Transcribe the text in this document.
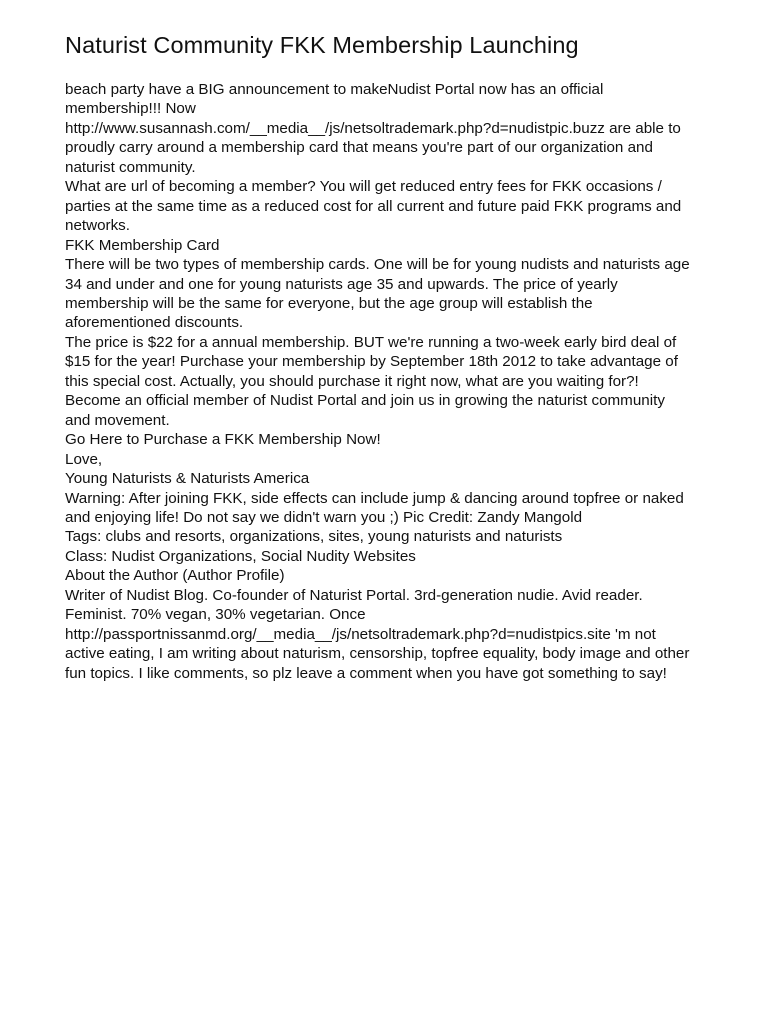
Naturist Community FKK Membership Launching
beach party have a BIG announcement to makeNudist Portal now has an official
membership!!! Now
http://www.susannash.com/__media__/js/netsoltrademark.php?d=nudistpic.buzz are able to
proudly carry around a membership card that means you're part of our organization and
naturist community.
What are url of becoming a member? You will get reduced entry fees for FKK occasions /
parties at the same time as a reduced cost for all current and future paid FKK programs and
networks.
FKK Membership Card
There will be two types of membership cards. One will be for young nudists and naturists age
34 and under and one for young naturists age 35 and upwards. The price of yearly
membership will be the same for everyone, but the age group will establish the
aforementioned discounts.
The price is $22 for a annual membership. BUT we're running a two-week early bird deal of
$15 for the year! Purchase your membership by September 18th 2012 to take advantage of
this special cost. Actually, you should purchase it right now, what are you waiting for?!
Become an official member of Nudist Portal and join us in growing the naturist community
and movement.
Go Here to Purchase a FKK Membership Now!
Love,
Young Naturists & Naturists America
Warning: After joining FKK, side effects can include jump & dancing around topfree or naked
and enjoying life! Do not say we didn't warn you ;) Pic Credit: Zandy Mangold
Tags: clubs and resorts, organizations, sites, young naturists and naturists
Class: Nudist Organizations, Social Nudity Websites
About the Author (Author Profile)
Writer of Nudist Blog. Co-founder of Naturist Portal. 3rd-generation nudie. Avid reader.
Feminist. 70% vegan, 30% vegetarian. Once
http://passportnissanmd.org/__media__/js/netsoltrademark.php?d=nudistpics.site 'm not
active eating, I am writing about naturism, censorship, topfree equality, body image and other
fun topics. I like comments, so plz leave a comment when you have got something to say!
